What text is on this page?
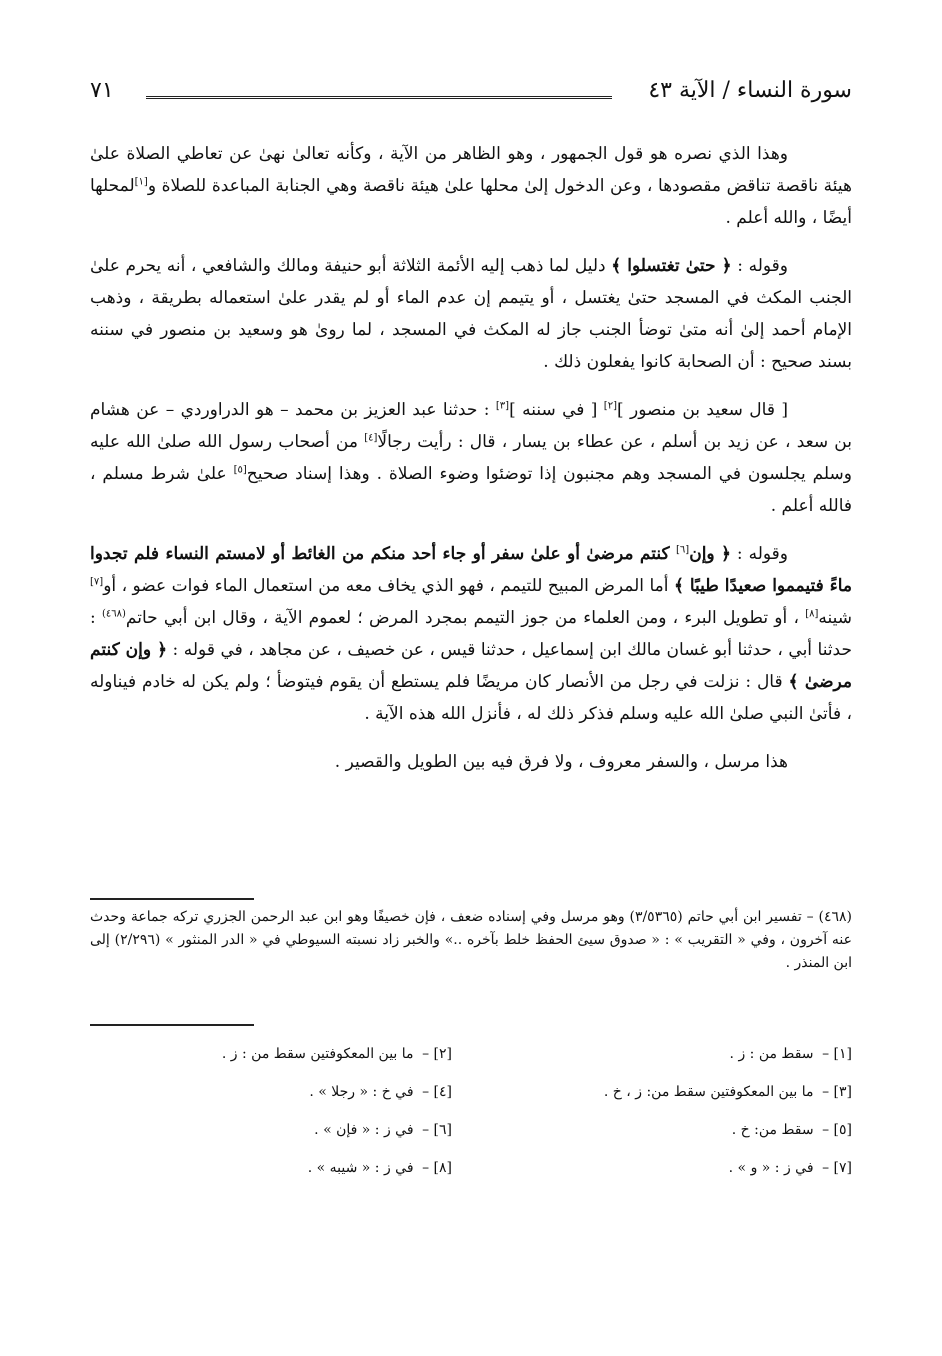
سورة النساء / الآية ٤٣
٧١

وهذا الذي نصره هو قول الجمهور ، وهو الظاهر من الآية ، وكأنه تعالىٰ نهىٰ عن تعاطي الصلاة علىٰ هيئة ناقصة تناقض مقصودها ، وعن الدخول إلىٰ محلها علىٰ هيئة ناقصة وهي الجنابة المباعدة للصلاة و[١]لمحلها أيضًا ، والله أعلم .

وقوله : ﴿ حتىٰ تغتسلوا ﴾ دليل لما ذهب إليه الأئمة الثلاثة أبو حنيفة ومالك والشافعي ، أنه يحرم علىٰ الجنب المكث في المسجد حتىٰ يغتسل ، أو يتيمم إن عدم الماء أو لم يقدر علىٰ استعماله بطريقة ، وذهب الإمام أحمد إلىٰ أنه متىٰ توضأ الجنب جاز له المكث في المسجد ، لما روىٰ هو وسعيد بن منصور في سننه بسند صحيح : أن الصحابة كانوا يفعلون ذلك .

[ قال سعيد بن منصور ][٢] [ في سننه ][٣] : حدثنا عبد العزيز بن محمد – هو الدراوردي – عن هشام بن سعد ، عن زيد بن أسلم ، عن عطاء بن يسار ، قال : رأيت رجالًا[٤] من أصحاب رسول الله صلىٰ الله عليه وسلم يجلسون في المسجد وهم مجنبون إذا توضئوا وضوء الصلاة . وهذا إسناد صحيح[٥] علىٰ شرط مسلم ، فالله أعلم .

وقوله : ﴿ وإن[٦] كنتم مرضىٰ أو علىٰ سفر أو جاء أحد منكم من الغائط أو لامستم النساء فلم تجدوا ماءً فتيمموا صعيدًا طيبًا ﴾ أما المرض المبيح للتيمم ، فهو الذي يخاف معه من استعمال الماء فوات عضو ، أو[٧] شينه[٨] ، أو تطويل البرء ، ومن العلماء من جوز التيمم بمجرد المرض ؛ لعموم الآية ، وقال ابن أبي حاتم$^{(٤٦٨)}$ : حدثنا أبي ، حدثنا أبو غسان مالك ابن إسماعيل ، حدثنا قيس ، عن خصيف ، عن مجاهد ، في قوله : ﴿ وإن كنتم مرضىٰ ﴾ قال : نزلت في رجل من الأنصار كان مريضًا فلم يستطع أن يقوم فيتوضأ ؛ ولم يكن له خادم فيناوله ، فأتىٰ النبي صلىٰ الله عليه وسلم فذكر ذلك له ، فأنزل الله هذه الآية .

هذا مرسل ، والسفر معروف ، ولا فرق فيه بين الطويل والقصير .

(٤٦٨) – تفسير ابن أبي حاتم (٣/٥٣٦٥) وهو مرسل وفي إسناده ضعف ، فإن خصيفًا وهو ابن عبد الرحمن الجزري تركه جماعة وحدث عنه آخرون ، وفي « التقريب » : « صدوق سيئ الحفظ خلط بآخره ..» والخبر زاد نسبته السيوطي في « الدر المنثور » (٢/٢٩٦) إلى ابن المنذر .
[١] – سقط من : ز .
[٢] – ما بين المعكوفتين سقط من : ز .
[٣] – ما بين المعكوفتين سقط من: ز ، خ .
[٤] – في خ : « رجلا » .
[٥] – سقط من: خ .
[٦] – في ز : « فإن » .
[٧] – في ز : « و » .
[٨] – في ز : « شيبه » .
